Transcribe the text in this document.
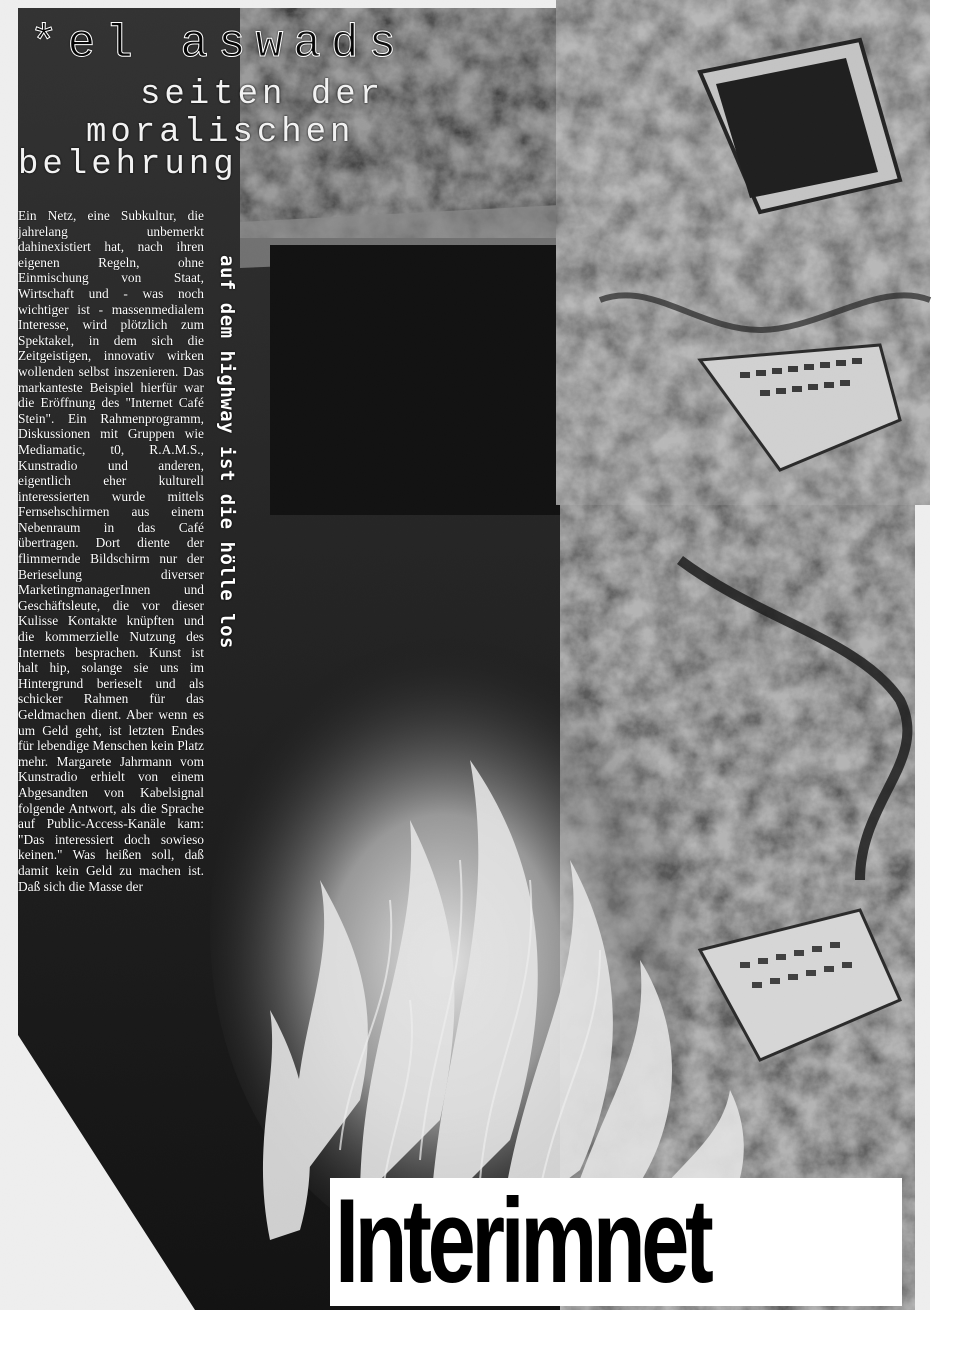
*el aswads
seiten der
moralischen
belehrung
Ein Netz, eine Subkultur, die jahrelang unbemerkt dahinexistiert hat, nach ihren eigenen Regeln, ohne Einmischung von Staat, Wirtschaft und - was noch wichtiger ist - massenmedialem Interesse, wird plötzlich zum Spektakel, in dem sich die Zeitgeistigen, innovativ wirken wollenden selbst inszenieren. Das markanteste Beispiel hierfür war die Eröffnung des "Internet Café Stein". Ein Rahmenprogramm, Diskussionen mit Gruppen wie Mediamatic, t0, R.A.M.S., Kunstradio und anderen, eigentlich eher kulturell interessierten wurde mittels Fernsehschirmen aus einem Nebenraum in das Café übertragen. Dort diente der flimmernde Bildschirm nur der Berieselung diverser MarketingmanagerInnen und Geschäftsleute, die vor dieser Kulisse Kontakte knüpften und die kommerzielle Nutzung des Internets besprachen. Kunst ist halt hip, solange sie uns im Hintergrund berieselt und als schicker Rahmen für das Geldmachen dient. Aber wenn es um Geld geht, ist letzten Endes für lebendige Menschen kein Platz mehr. Margarete Jahrmann vom Kunstradio erhielt von einem Abgesandten von Kabelsignal folgende Antwort, als die Sprache auf Public-Access-Kanäle kam: "Das interessiert doch sowieso keinen." Was heißen soll, daß damit kein Geld zu machen ist. Daß sich die Masse der
auf dem highway ist die hölle los
Interimnet
